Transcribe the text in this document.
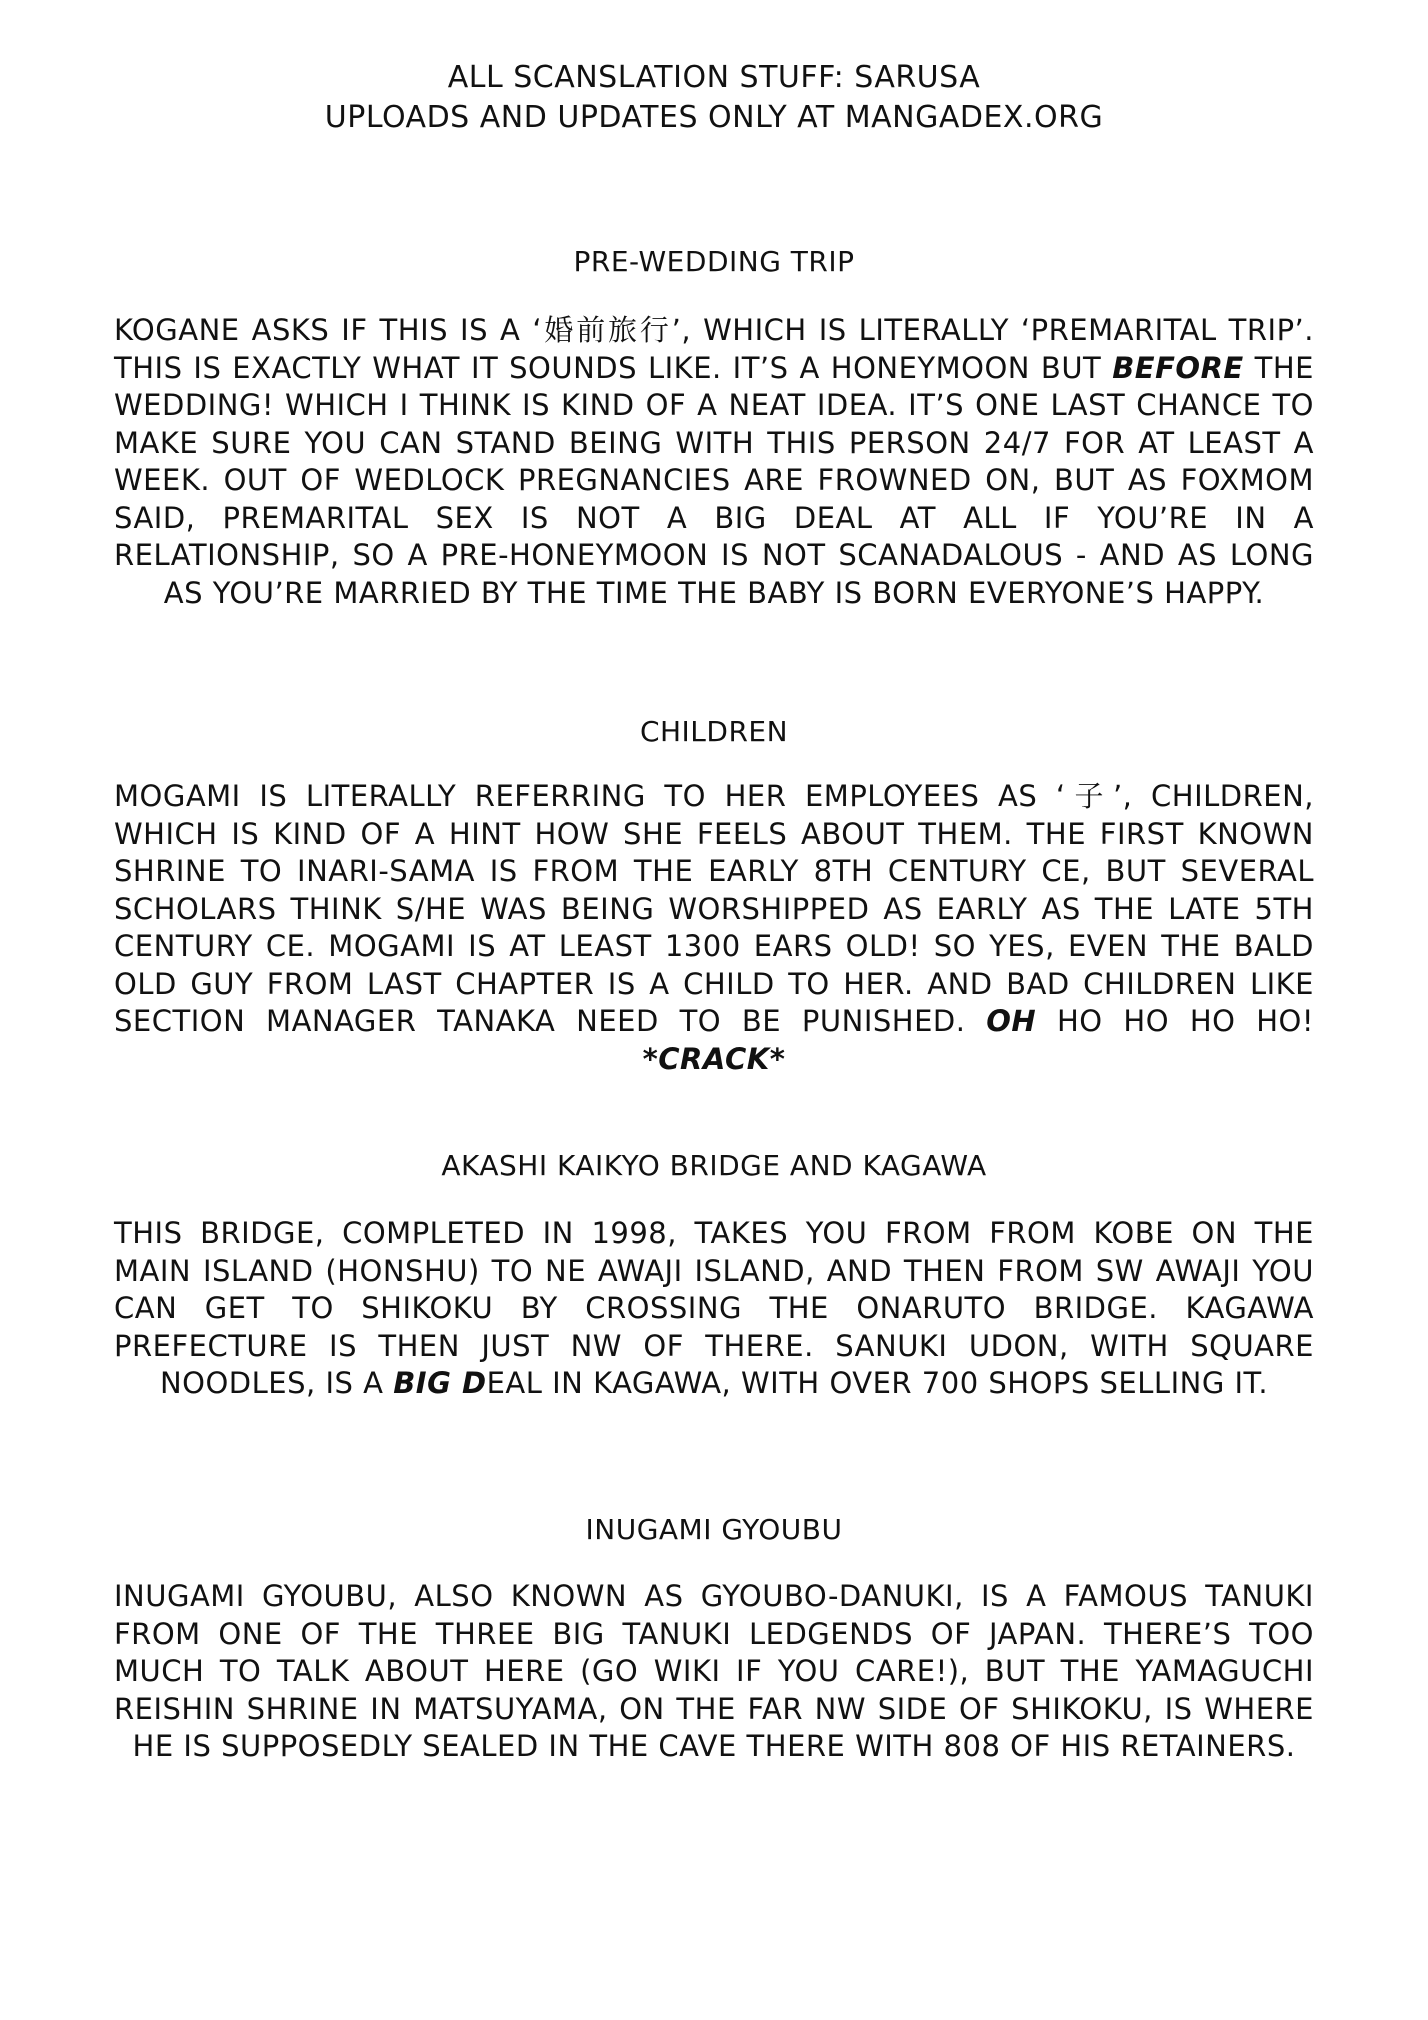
ALL SCANSLATION STUFF: SARUSA
UPLOADS AND UPDATES ONLY AT MANGADEX.ORG
PRE-WEDDING TRIP
KOGANE ASKS IF THIS IS A ‘婚前旅行’, WHICH IS LITERALLY ‘PREMARITAL TRIP’. THIS IS EXACTLY WHAT IT SOUNDS LIKE. IT’S A HONEYMOON BUT BEFORE THE WEDDING! WHICH I THINK IS KIND OF A NEAT IDEA. IT’S ONE LAST CHANCE TO MAKE SURE YOU CAN STAND BEING WITH THIS PERSON 24/7 FOR AT LEAST A WEEK. OUT OF WEDLOCK PREGNANCIES ARE FROWNED ON, BUT AS FOXMOM SAID, PREMARITAL SEX IS NOT A BIG DEAL AT ALL IF YOU’RE IN A RELATIONSHIP, SO A PRE-HONEYMOON IS NOT SCANADALOUS - AND AS LONG AS YOU’RE MARRIED BY THE TIME THE BABY IS BORN EVERYONE’S HAPPY.
CHILDREN
MOGAMI IS LITERALLY REFERRING TO HER EMPLOYEES AS ‘子’, CHILDREN, WHICH IS KIND OF A HINT HOW SHE FEELS ABOUT THEM. THE FIRST KNOWN SHRINE TO INARI-SAMA IS FROM THE EARLY 8TH CENTURY CE, BUT SEVERAL SCHOLARS THINK S/HE WAS BEING WORSHIPPED AS EARLY AS THE LATE 5TH CENTURY CE. MOGAMI IS AT LEAST 1300 EARS OLD! SO YES, EVEN THE BALD OLD GUY FROM LAST CHAPTER IS A CHILD TO HER. AND BAD CHILDREN LIKE SECTION MANAGER TANAKA NEED TO BE PUNISHED. OH HO HO HO HO! *CRACK*
AKASHI KAIKYO BRIDGE AND KAGAWA
THIS BRIDGE, COMPLETED IN 1998, TAKES YOU FROM FROM KOBE ON THE MAIN ISLAND (HONSHU) TO NE AWAJI ISLAND, AND THEN FROM SW AWAJI YOU CAN GET TO SHIKOKU BY CROSSING THE ONARUTO BRIDGE. KAGAWA PREFECTURE IS THEN JUST NW OF THERE. SANUKI UDON, WITH SQUARE NOODLES, IS A BIG DEAL IN KAGAWA, WITH OVER 700 SHOPS SELLING IT.
INUGAMI GYOUBU
INUGAMI GYOUBU, ALSO KNOWN AS GYOUBO-DANUKI, IS A FAMOUS TANUKI FROM ONE OF THE THREE BIG TANUKI LEDGENDS OF JAPAN. THERE’S TOO MUCH TO TALK ABOUT HERE (GO WIKI IF YOU CARE!), BUT THE YAMAGUCHI REISHIN SHRINE IN MATSUYAMA, ON THE FAR NW SIDE OF SHIKOKU, IS WHERE HE IS SUPPOSEDLY SEALED IN THE CAVE THERE WITH 808 OF HIS RETAINERS.
